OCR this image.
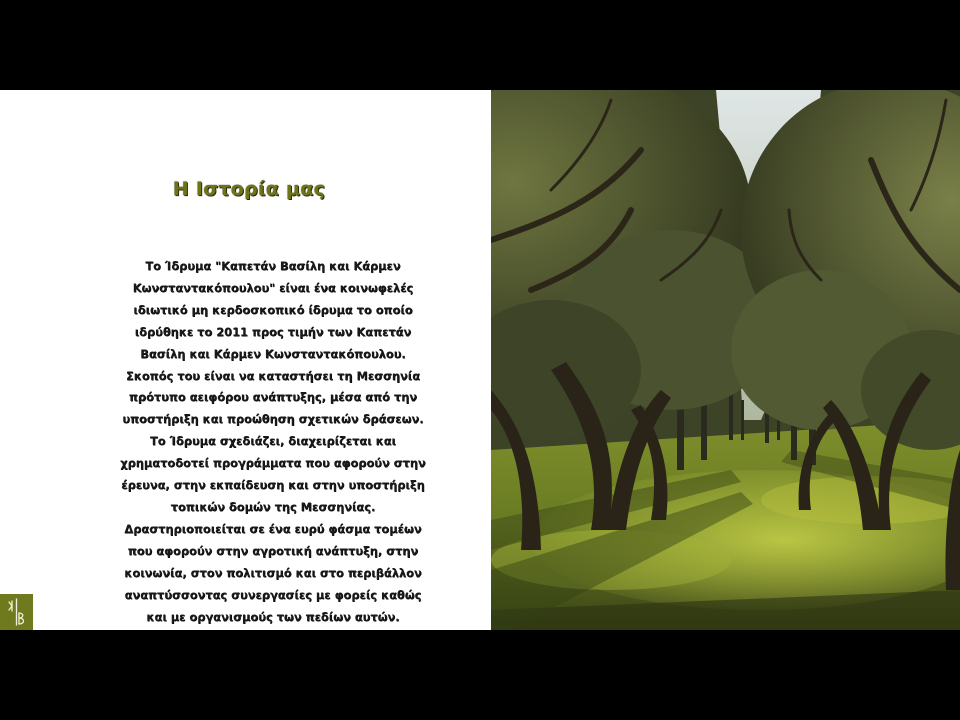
Η Ιστορία μας
Το Ίδρυμα "Καπετάν Βασίλη και Κάρμεν Κωνσταντακόπουλου" είναι ένα κοινωφελές ιδιωτικό μη κερδοσκοπικό ίδρυμα το οποίο ιδρύθηκε το 2011 προς τιμήν των Καπετάν Βασίλη και Κάρμεν Κωνσταντακόπουλου. Σκοπός του είναι να καταστήσει τη Μεσσηνία πρότυπο αειφόρου ανάπτυξης, μέσα από την υποστήριξη και προώθηση σχετικών δράσεων. Το Ίδρυμα σχεδιάζει, διαχειρίζεται και χρηματοδοτεί προγράμματα που αφορούν στην έρευνα, στην εκπαίδευση και στην υποστήριξη τοπικών δομών της Μεσσηνίας. Δραστηριοποιείται σε ένα ευρύ φάσμα τομέων που αφορούν στην αγροτική ανάπτυξη, στην κοινωνία, στον πολιτισμό και στο περιβάλλον αναπτύσσοντας συνεργασίες με φορείς καθώς και με οργανισμούς των πεδίων αυτών.
